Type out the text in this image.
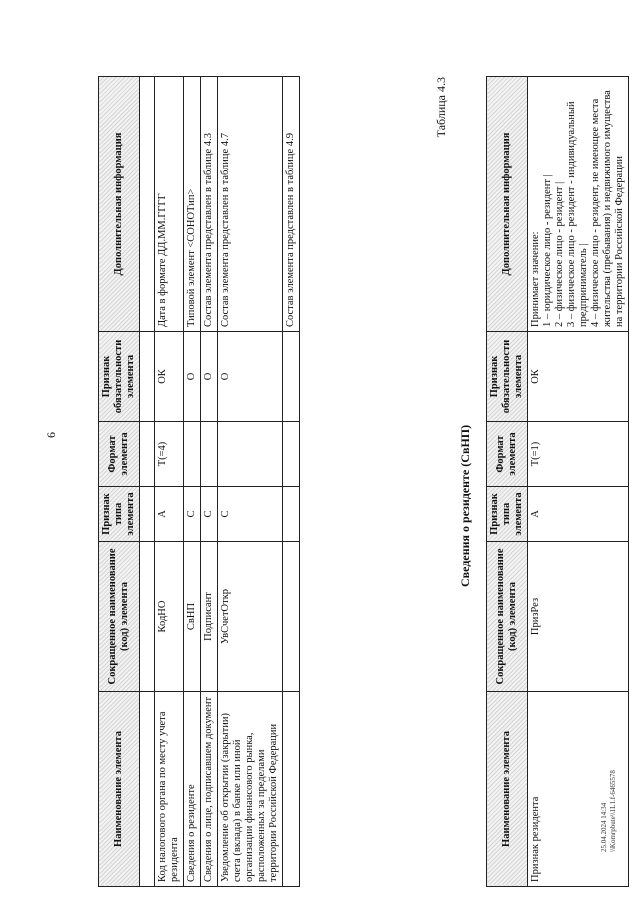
6
Наименование элемента	Сокращенное наименование (код) элемента	Признак типа элемента	Формат элемента	Признак обязательности элемента	Дополнительная информация

Код налогового органа по месту учета резидента	КодНО	А	T(=4)	ОК	Дата в формате ДД.ММ.ГГГГ
Сведения о резиденте	СвНП	С		О	Типовой элемент <СОНОТип>
Сведения о лице, подписавшем документ	Подписант	С		О	Состав элемента представлен в таблице 4.3
Уведомление об открытии (закрытии) счета (вклада) в банке или иной организации финансового рынка, расположенных за пределами территории Российской Федерации	УвСчетОткр	С		О	Состав элемента представлен в таблице 4.7
					Состав элемента представлен в таблице 4.9
Таблица 4.3
Сведения о резиденте (СвНП)
Наименование элемента	Сокращенное наименование (код) элемента	Признак типа элемента	Формат элемента	Признак обязательности элемента	Дополнительная информация
Признак резидента	ПризРез	А	T(=1)	ОК	Принимает значение: 1 – юридическое лицо - резидент | 2 – физическое лицо - резидент | 3 – физическое лицо - резидент - индивидуальный предприниматель | 4 – физическое лицо - резидент, не имеющее места жительства (пребывания) и недвижимого имущества на территории Российской Федерации
25.04.2024 14:34 \\Komrpbute\\1L1.f-6465578
